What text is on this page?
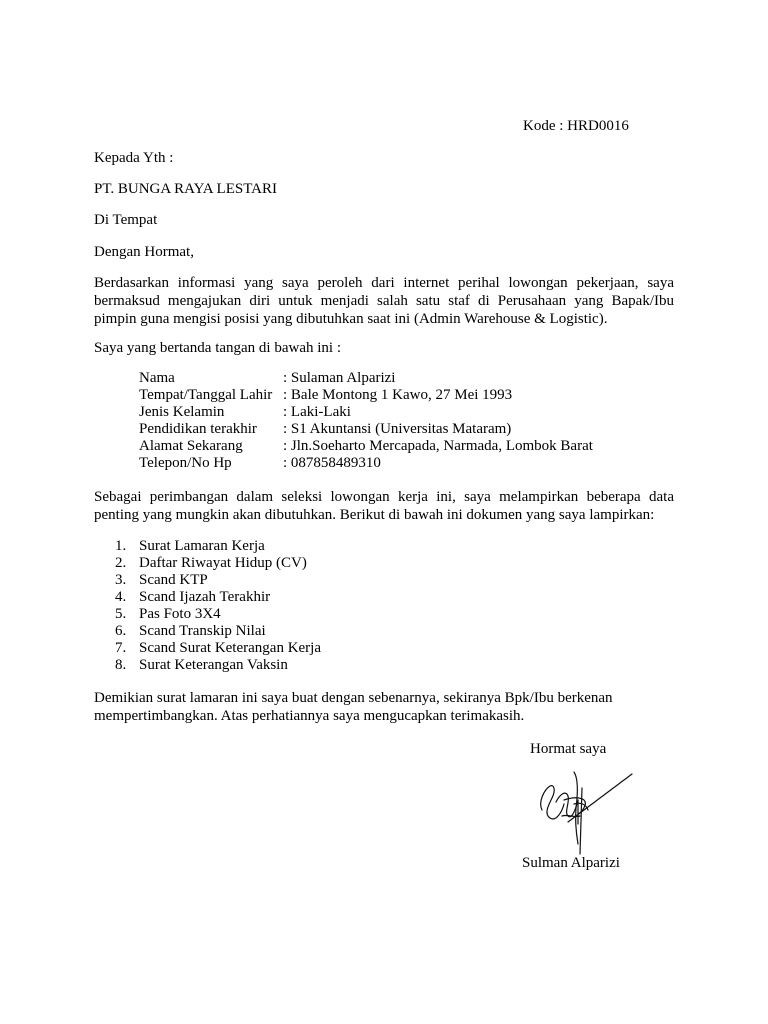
Kode : HRD0016
Kepada Yth :
PT. BUNGA RAYA LESTARI
Di Tempat
Dengan Hormat,
Berdasarkan informasi yang saya peroleh dari internet perihal lowongan pekerjaan, saya
bermaksud mengajukan diri untuk menjadi salah satu staf di Perusahaan yang Bapak/Ibu
pimpin guna mengisi posisi yang dibutuhkan saat ini (Admin Warehouse & Logistic).
Saya yang bertanda tangan di bawah ini :
Nama	: Sulaman Alparizi
Tempat/Tanggal Lahir : Bale Montong 1 Kawo, 27 Mei 1993
Jenis Kelamin	: Laki-Laki
Pendidikan terakhir : S1 Akuntansi (Universitas Mataram)
Alamat Sekarang	: Jln.Soeharto Mercapada, Narmada, Lombok Barat
Telepon/No Hp	: 087858489310
Sebagai perimbangan dalam seleksi lowongan kerja ini, saya melampirkan beberapa data
penting yang mungkin akan dibutuhkan. Berikut di bawah ini dokumen yang saya lampirkan:
1. Surat Lamaran Kerja
2. Daftar Riwayat Hidup (CV)
3. Scand KTP
4. Scand Ijazah Terakhir
5. Pas Foto 3X4
6. Scand Transkip Nilai
7. Scand Surat Keterangan Kerja
8. Surat Keterangan Vaksin
Demikian surat lamaran ini saya buat dengan sebenarnya, sekiranya Bpk/Ibu berkenan
mempertimbangkan. Atas perhatiannya saya mengucapkan terimakasih.
Hormat saya
Sulman Alparizi
